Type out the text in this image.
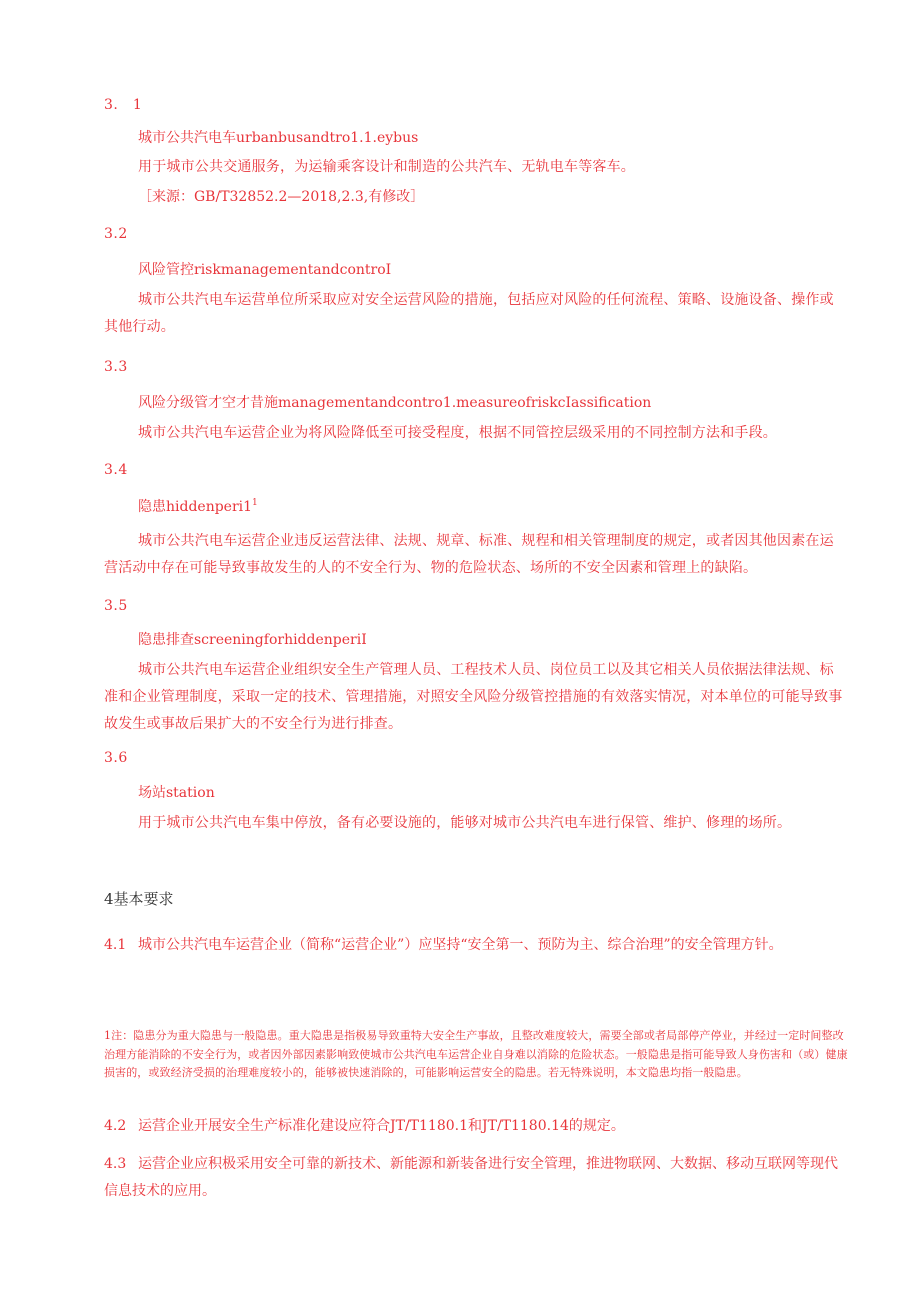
3.　1
城市公共汽电车urbanbusandtro1.1.eybus
用于城市公共交通服务，为运输乘客设计和制造的公共汽车、无轨电车等客车。
［来源：GB/T32852.2—2018,2.3,有修改］
3.2
风险管控riskmanagementandcontroI
城市公共汽电车运营单位所采取应对安全运营风险的措施，包括应对风险的任何流程、策略、设施设备、操作或其他行动。
3.3
风险分级管才空才昔施managementandcontro1.measureofriskcIassification
城市公共汽电车运营企业为将风险降低至可接受程度，根据不同管控层级采用的不同控制方法和手段。
3.4
隐患$hiddenperi1^1$
城市公共汽电车运营企业违反运营法律、法规、规章、标准、规程和相关管理制度的规定，或者因其他因素在运营活动中存在可能导致事故发生的人的不安全行为、物的危险状态、场所的不安全因素和管理上的缺陷。
3.5
隐患排查screeningforhiddenperiI
城市公共汽电车运营企业组织安全生产管理人员、工程技术人员、岗位员工以及其它相关人员依据法律法规、标准和企业管理制度，采取一定的技术、管理措施，对照安全风险分级管控措施的有效落实情况，对本单位的可能导致事故发生或事故后果扩大的不安全行为进行排查。
3.6
场站station
用于城市公共汽电车集中停放，备有必要设施的，能够对城市公共汽电车进行保管、维护、修理的场所。
4基本要求
4.1 城市公共汽电车运营企业（简称“运营企业”）应坚持“安全第一、预防为主、综合治理”的安全管理方针。
1注：隐患分为重大隐患与一般隐患。重大隐患是指极易导致重特大安全生产事故，且整改难度较大，需要全部或者局部停产停业，并经过一定时间整改治理方能消除的不安全行为，或者因外部因素影响致使城市公共汽电车运营企业自身难以消除的危险状态。一般隐患是指可能导致人身伤害和（或）健康损害的，或致经济受损的治理难度较小的，能够被快速消除的，可能影响运营安全的隐患。若无特殊说明，本文隐患均指一般隐患。
4.2 运营企业开展安全生产标准化建设应符合JT/T1180.1和JT/T1180.14的规定。
4.3 运营企业应积极采用安全可靠的新技术、新能源和新装备进行安全管理，推进物联网、大数据、移动互联网等现代信息技术的应用。
